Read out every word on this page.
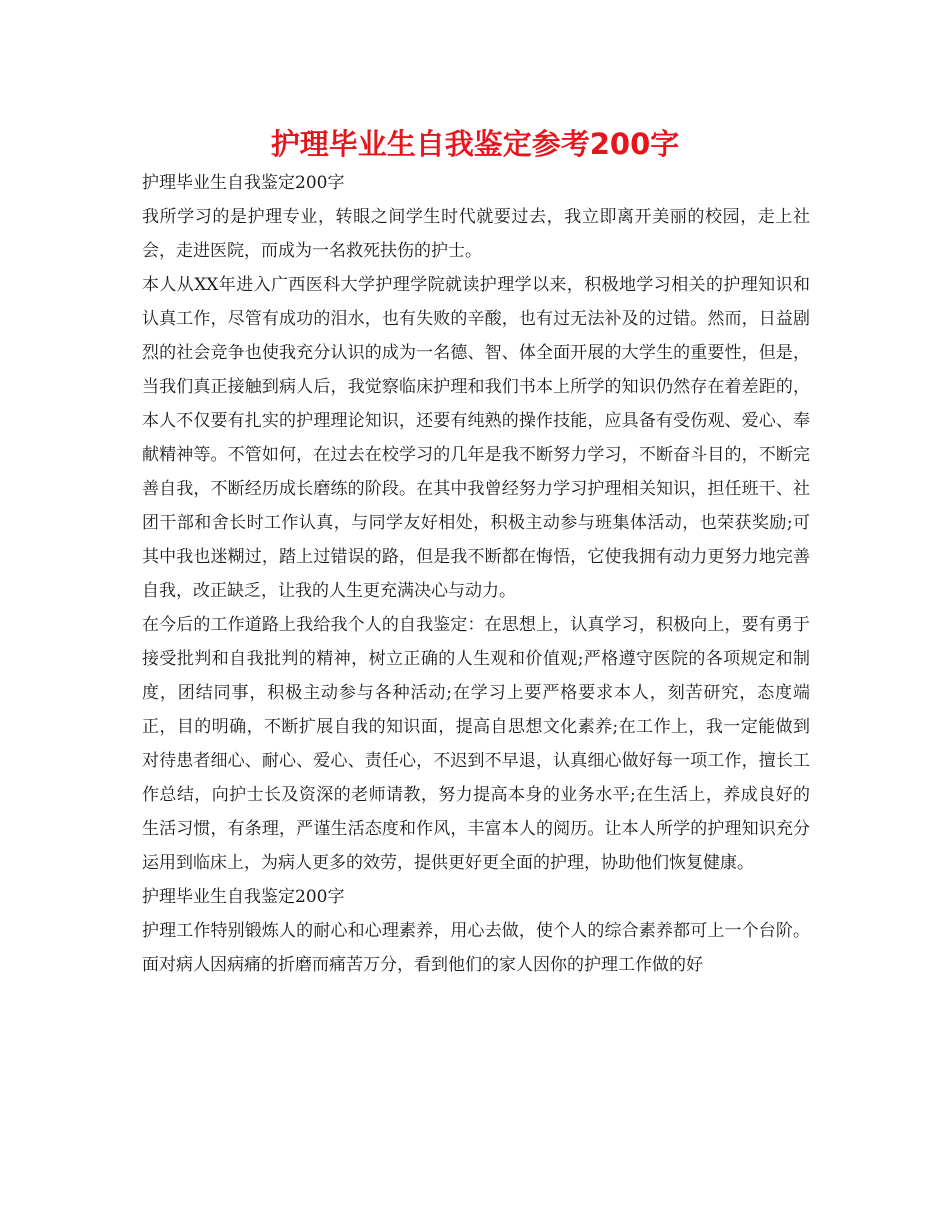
护理毕业生自我鉴定参考200字

护理毕业生自我鉴定200字

我所学习的是护理专业，转眼之间学生时代就要过去，我立即离开美丽的校园，走上社会，走进医院，而成为一名救死扶伤的护士。

本人从XX年进入广西医科大学护理学院就读护理学以来，积极地学习相关的护理知识和认真工作，尽管有成功的泪水，也有失败的辛酸，也有过无法补及的过错。然而，日益剧烈的社会竞争也使我充分认识的成为一名德、智、体全面开展的大学生的重要性，但是，当我们真正接触到病人后，我觉察临床护理和我们书本上所学的知识仍然存在着差距的，本人不仅要有扎实的护理理论知识，还要有纯熟的操作技能，应具备有受伤观、爱心、奉献精神等。不管如何，在过去在校学习的几年是我不断努力学习，不断奋斗目的，不断完善自我，不断经历成长磨练的阶段。在其中我曾经努力学习护理相关知识，担任班干、社团干部和舍长时工作认真，与同学友好相处，积极主动参与班集体活动，也荣获奖励;可其中我也迷糊过，踏上过错误的路，但是我不断都在悔悟，它使我拥有动力更努力地完善自我，改正缺乏，让我的人生更充满决心与动力。

在今后的工作道路上我给我个人的自我鉴定：在思想上，认真学习，积极向上，要有勇于接受批判和自我批判的精神，树立正确的人生观和价值观;严格遵守医院的各项规定和制度，团结同事，积极主动参与各种活动;在学习上要严格要求本人，刻苦研究，态度端正，目的明确，不断扩展自我的知识面，提高自思想文化素养;在工作上，我一定能做到对待患者细心、耐心、爱心、责任心，不迟到不早退，认真细心做好每一项工作，擅长工作总结，向护士长及资深的老师请教，努力提高本身的业务水平;在生活上，养成良好的生活习惯，有条理，严谨生活态度和作风，丰富本人的阅历。让本人所学的护理知识充分运用到临床上，为病人更多的效劳，提供更好更全面的护理，协助他们恢复健康。

护理毕业生自我鉴定200字

护理工作特别锻炼人的耐心和心理素养，用心去做，使个人的综合素养都可上一个台阶。面对病人因病痛的折磨而痛苦万分，看到他们的家人因你的护理工作做的好
